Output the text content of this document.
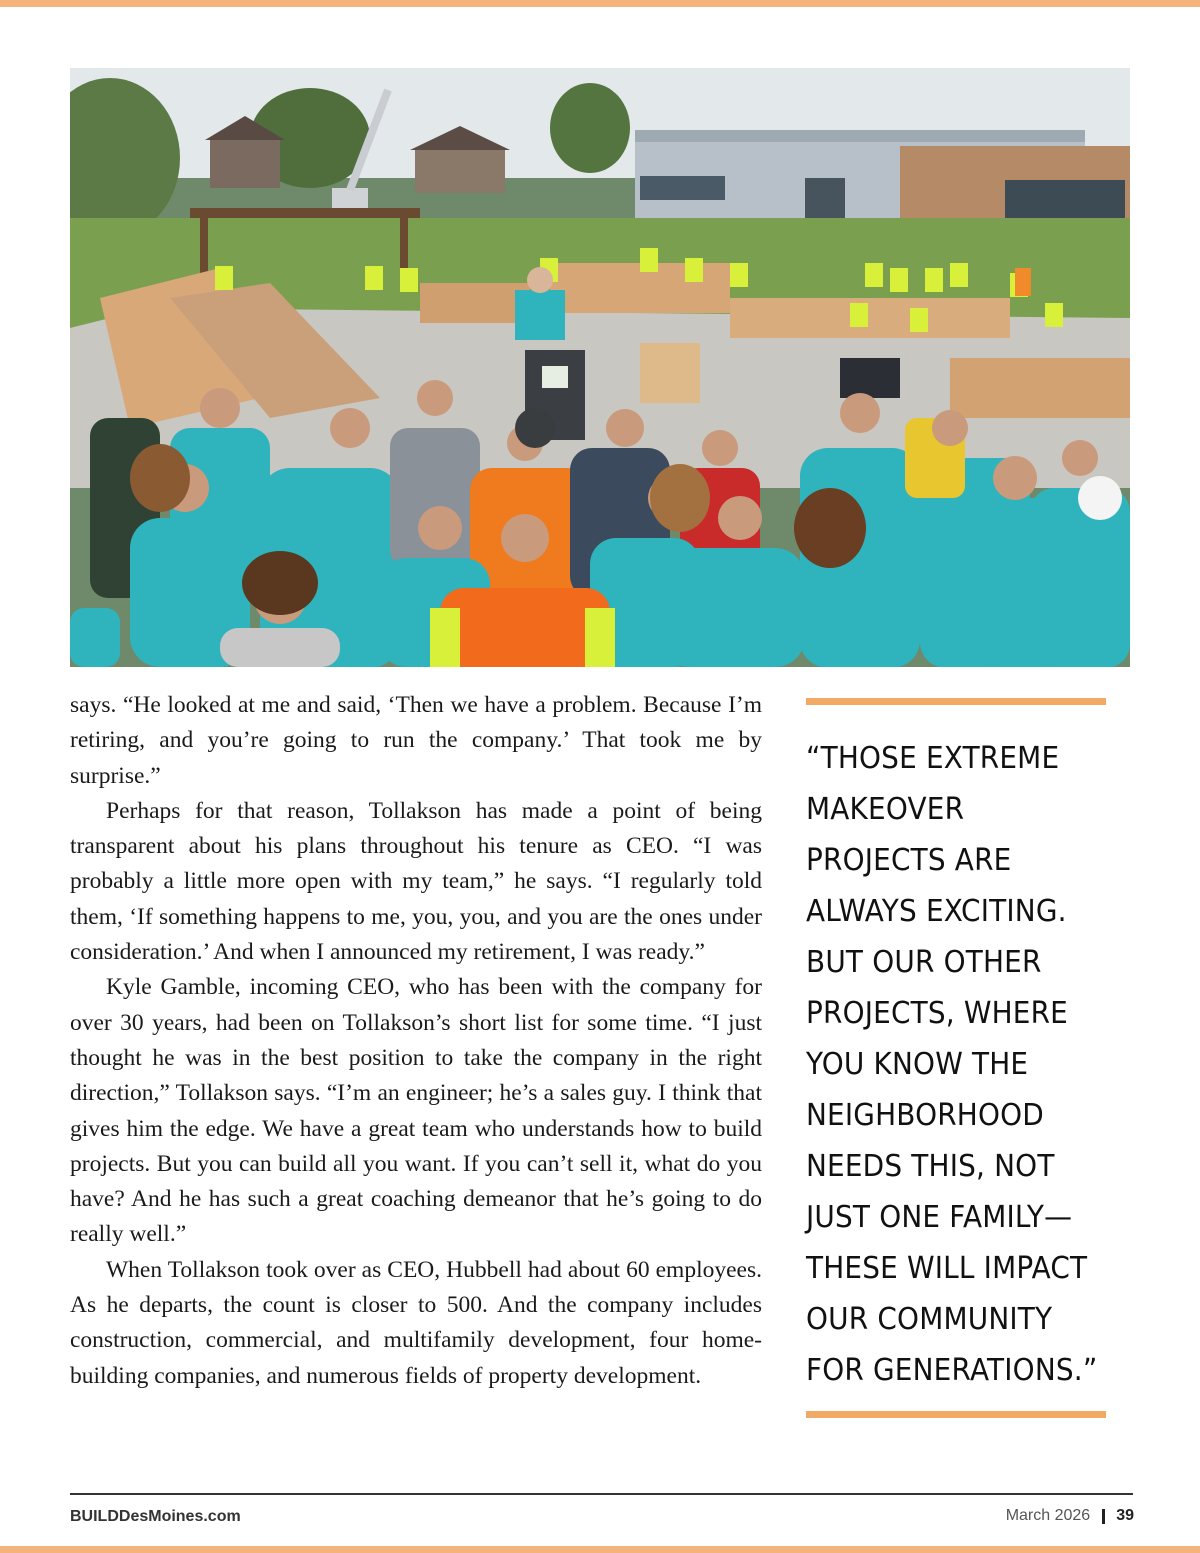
says. “He looked at me and said, ‘Then we have a problem. Because I’m retiring, and you’re going to run the company.’ That took me by surprise.”

Perhaps for that reason, Tollakson has made a point of being transparent about his plans throughout his tenure as CEO. “I was probably a little more open with my team,” he says. “I regularly told them, ‘If something happens to me, you, you, and you are the ones under consideration.’ And when I announced my retirement, I was ready.”

Kyle Gamble, incoming CEO, who has been with the company for over 30 years, had been on Tollakson’s short list for some time. “I just thought he was in the best position to take the company in the right direction,” Tollakson says. “I’m an engineer; he’s a sales guy. I think that gives him the edge. We have a great team who understands how to build projects. But you can build all you want. If you can’t sell it, what do you have? And he has such a great coaching demeanor that he’s going to do really well.”

When Tollakson took over as CEO, Hubbell had about 60 employees. As he departs, the count is closer to 500. And the company includes construction, commercial, and multifamily development, four home-building companies, and numerous fields of property development.

“THOSE EXTREME MAKEOVER PROJECTS ARE ALWAYS EXCITING. BUT OUR OTHER PROJECTS, WHERE YOU KNOW THE NEIGHBORHOOD NEEDS THIS, NOT JUST ONE FAMILY—THESE WILL IMPACT OUR COMMUNITY FOR GENERATIONS.”
BUILDDesMoines.com	March 2026 39
